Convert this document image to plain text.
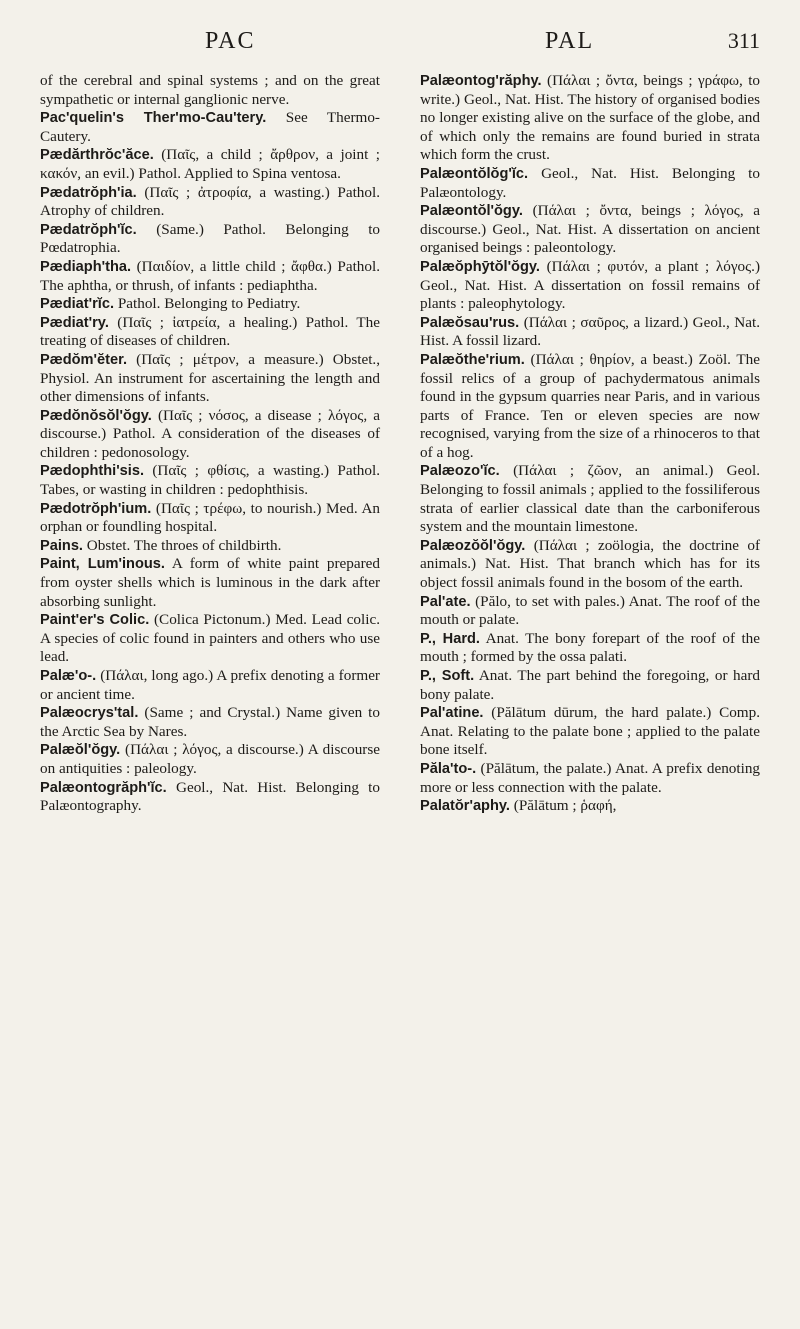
PAC	PAL	311

of the cerebral and spinal systems ; and on the great sympathetic or internal ganglionic nerve.

Pac'quelin's Ther'mo-Cau'tery. See Thermo-Cautery.

Pædărthrŏc'ăce. (Παῖς, a child ; ἄρθρον, a joint ; κακόν, an evil.) Pathol. Applied to Spina ventosa.

Pædatrŏph'ia. (Παῖς ; ἀτροφία, a wasting.) Pathol. Atrophy of children.

Pædatrŏph'ĭc. (Same.) Pathol. Belonging to Pœdatrophia.

Pædiaph'tha. (Παιδίον, a little child ; ἄφθα.) Pathol. The aphtha, or thrush, of infants : pediaphtha.

Pædiat'rĭc. Pathol. Belonging to Pediatry.

Pædiat'ry. (Παῖς ; ἰατρεία, a healing.) Pathol. The treating of diseases of children.

Pædŏm'ĕter. (Παῖς ; μέτρον, a measure.) Obstet., Physiol. An instrument for ascertaining the length and other dimensions of infants.

Pædŏnŏsŏl'ŏgy. (Παῖς ; νόσος, a disease ; λόγος, a discourse.) Pathol. A consideration of the diseases of children : pedonosology.

Pædophthi'sis. (Παῖς ; φθίσις, a wasting.) Pathol. Tabes, or wasting in children : pedophthisis.

Pædotrŏph'ium. (Παῖς ; τρέφω, to nourish.) Med. An orphan or foundling hospital.

Pains. Obstet. The throes of childbirth.

Paint, Lum'inous. A form of white paint prepared from oyster shells which is luminous in the dark after absorbing sunlight.

Paint'er's Colic. (Colica Pictonum.) Med. Lead colic. A species of colic found in painters and others who use lead.

Palæ'o-. (Πάλαι, long ago.) A prefix denoting a former or ancient time.

Palæocrys'tal. (Same ; and Crystal.) Name given to the Arctic Sea by Nares.

Palæŏl'ŏgy. (Πάλαι ; λόγος, a discourse.) A discourse on antiquities : paleology.

Palæontogrăph'ĭc. Geol., Nat. Hist. Belonging to Palæontography.

Palæontog'răphy. (Πάλαι ; ὄντα, beings ; γράφω, to write.) Geol., Nat. Hist. The history of organised bodies no longer existing alive on the surface of the globe, and of which only the remains are found buried in strata which form the crust.

Palæontŏlŏg'ĭc. Geol., Nat. Hist. Belonging to Palæontology.

Palæontŏl'ŏgy. (Πάλαι ; ὄντα, beings ; λόγος, a discourse.) Geol., Nat. Hist. A dissertation on ancient organised beings : paleontology.

Palæŏphȳtŏl'ŏgy. (Πάλαι ; φυτόν, a plant ; λόγος.) Geol., Nat. Hist. A dissertation on fossil remains of plants : paleophytology.

Palæŏsau'rus. (Πάλαι ; σαῦρος, a lizard.) Geol., Nat. Hist. A fossil lizard.

Palæŏthe'rium. (Πάλαι ; θηρίον, a beast.) Zoöl. The fossil relics of a group of pachydermatous animals found in the gypsum quarries near Paris, and in various parts of France. Ten or eleven species are now recognised, varying from the size of a rhinoceros to that of a hog.

Palæozo'ĭc. (Πάλαι ; ζῶον, an animal.) Geol. Belonging to fossil animals ; applied to the fossiliferous strata of earlier classical date than the carboniferous system and the mountain limestone.

Palæozŏŏl'ŏgy. (Πάλαι ; zoölogia, the doctrine of animals.) Nat. Hist. That branch which has for its object fossil animals found in the bosom of the earth.

Pal'ate. (Pălo, to set with pales.) Anat. The roof of the mouth or palate.

P., Hard. Anat. The bony forepart of the roof of the mouth ; formed by the ossa palati.

P., Soft. Anat. The part behind the foregoing, or hard bony palate.

Pal'atine. (Pălātum dūrum, the hard palate.) Comp. Anat. Relating to the palate bone ; applied to the palate bone itself.

Păla'to-. (Pălātum, the palate.) Anat. A prefix denoting more or less connection with the palate.

Palatŏr'aphy. (Pălātum ; ῥαφή,
